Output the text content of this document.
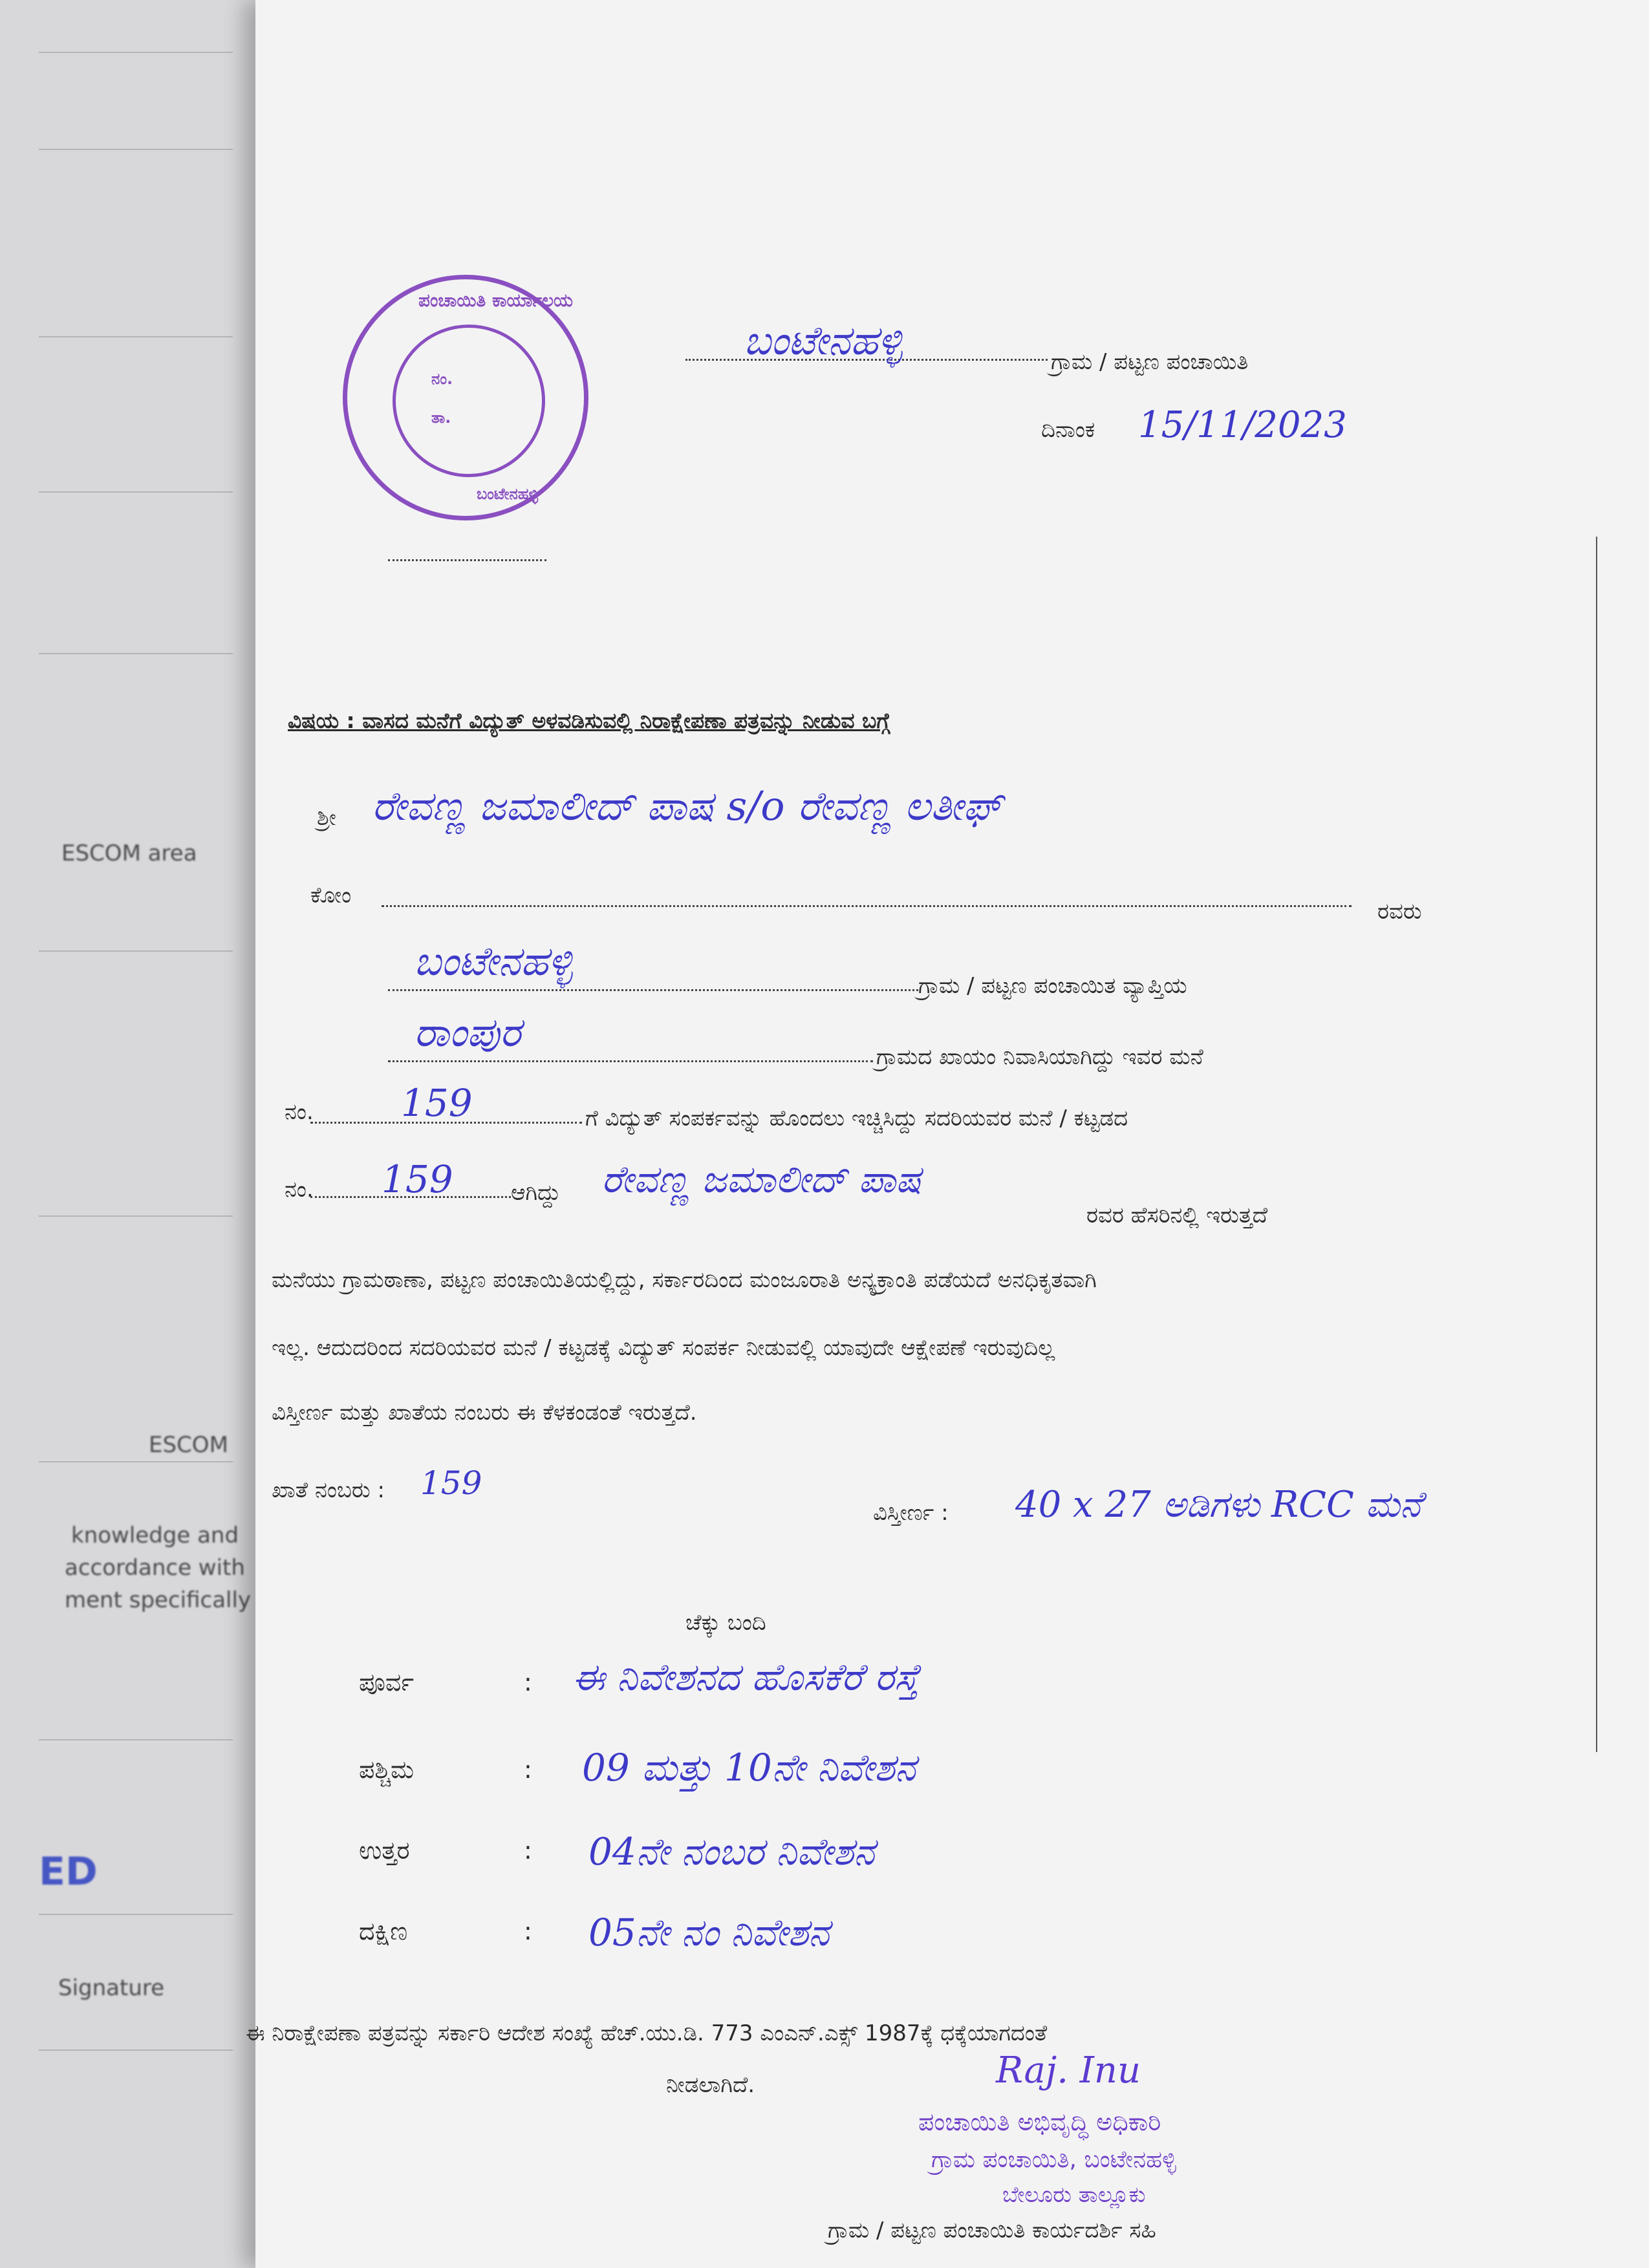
ESCOM area
ESCOM
knowledge and
accordance with
ment specifically
Signature
ED
ಪಂಚಾಯಿತಿ ಕಾರ್ಯಾಲಯ
ನಂ.
ತಾ.
ಬಂಟೇನಹಳ್ಳಿ
ಬಂಟೇನಹಳ್ಳಿ	ಗ್ರಾಮ / ಪಟ್ಟಣ ಪಂಚಾಯಿತಿ
ದಿನಾಂಕ 15/11/2023
ವಿಷಯ : ವಾಸದ ಮನೆಗೆ ವಿದ್ಯುತ್ ಅಳವಡಿಸುವಲ್ಲಿ ನಿರಾಕ್ಷೇಪಣಾ ಪತ್ರವನ್ನು ನೀಡುವ ಬಗ್ಗೆ
ಶ್ರೀ ರೇವಣ್ಣ ಜಮಾಲೀದ್ ಪಾಷ s/o ರೇವಣ್ಣ ಲತೀಫ್
ಕೋಂ
ರವರು
ಬಂಟೇನಹಳ್ಳಿ
ಗ್ರಾಮ / ಪಟ್ಟಣ ಪಂಚಾಯಿತ ವ್ಯಾಪ್ತಿಯ
ರಾಂಪುರ
ಗ್ರಾಮದ ಖಾಯಂ ನಿವಾಸಿಯಾಗಿದ್ದು ಇವರ ಮನೆ
ನಂ. 159	ಗೆ ವಿದ್ಯುತ್ ಸಂಪರ್ಕವನ್ನು ಹೊಂದಲು ಇಚ್ಚಿಸಿದ್ದು ಸದರಿಯವರ ಮನೆ / ಕಟ್ಟಡದ
ನಂ. 159	ಆಗಿದ್ದು ರೇವಣ್ಣ ಜಮಾಲೀದ್ ಪಾಷ
ರವರ ಹೆಸರಿನಲ್ಲಿ ಇರುತ್ತದೆ
ಮನೆಯು ಗ್ರಾಮಠಾಣಾ, ಪಟ್ಟಣ ಪಂಚಾಯಿತಿಯಲ್ಲಿದ್ದು, ಸರ್ಕಾರದಿಂದ ಮಂಜೂರಾತಿ ಅನ್ಯಕ್ರಾಂತಿ ಪಡೆಯದೆ ಅನಧಿಕೃತವಾಗಿ
ಇಲ್ಲ. ಆದುದರಿಂದ ಸದರಿಯವರ ಮನೆ / ಕಟ್ಟಡಕ್ಕೆ ವಿದ್ಯುತ್ ಸಂಪರ್ಕ ನೀಡುವಲ್ಲಿ ಯಾವುದೇ ಆಕ್ಷೇಪಣೆ ಇರುವುದಿಲ್ಲ
ವಿಸ್ತೀರ್ಣ ಮತ್ತು ಖಾತೆಯ ನಂಬರು ಈ ಕೆಳಕಂಡಂತೆ ಇರುತ್ತದೆ.
ಖಾತೆ ನಂಬರು : 159
ವಿಸ್ತೀರ್ಣ : 40 x 27 ಅಡಿಗಳು RCC ಮನೆ
ಚೆಕ್ಕು ಬಂದಿ
ಪೂರ್ವ	: ಈ ನಿವೇಶನದ ಹೊಸಕೆರೆ ರಸ್ತೆ
ಪಶ್ಚಿಮ	: 09 ಮತ್ತು 10ನೇ ನಿವೇಶನ
ಉತ್ತರ	: 04ನೇ ನಂಬರ ನಿವೇಶನ
ದಕ್ಷಿಣ	: 05ನೇ ನಂ ನಿವೇಶನ
ಈ ನಿರಾಕ್ಷೇಪಣಾ ಪತ್ರವನ್ನು ಸರ್ಕಾರಿ ಆದೇಶ ಸಂಖ್ಯೆ ಹೆಚ್.ಯು.ಡಿ. 773 ಎಂಎನ್.ಎಕ್ಸ್ 1987ಕ್ಕೆ ಧಕ್ಕೆಯಾಗದಂತೆ
ನೀಡಲಾಗಿದೆ.	Raj. Inu
ಪಂಚಾಯಿತಿ ಅಭಿವೃದ್ಧಿ ಅಧಿಕಾರಿ
ಗ್ರಾಮ ಪಂಚಾಯಿತಿ, ಬಂಟೇನಹಳ್ಳಿ
ಬೇಲೂರು ತಾಲ್ಲೂಕು
ಗ್ರಾಮ / ಪಟ್ಟಣ ಪಂಚಾಯಿತಿ ಕಾರ್ಯದರ್ಶಿ ಸಹಿ
